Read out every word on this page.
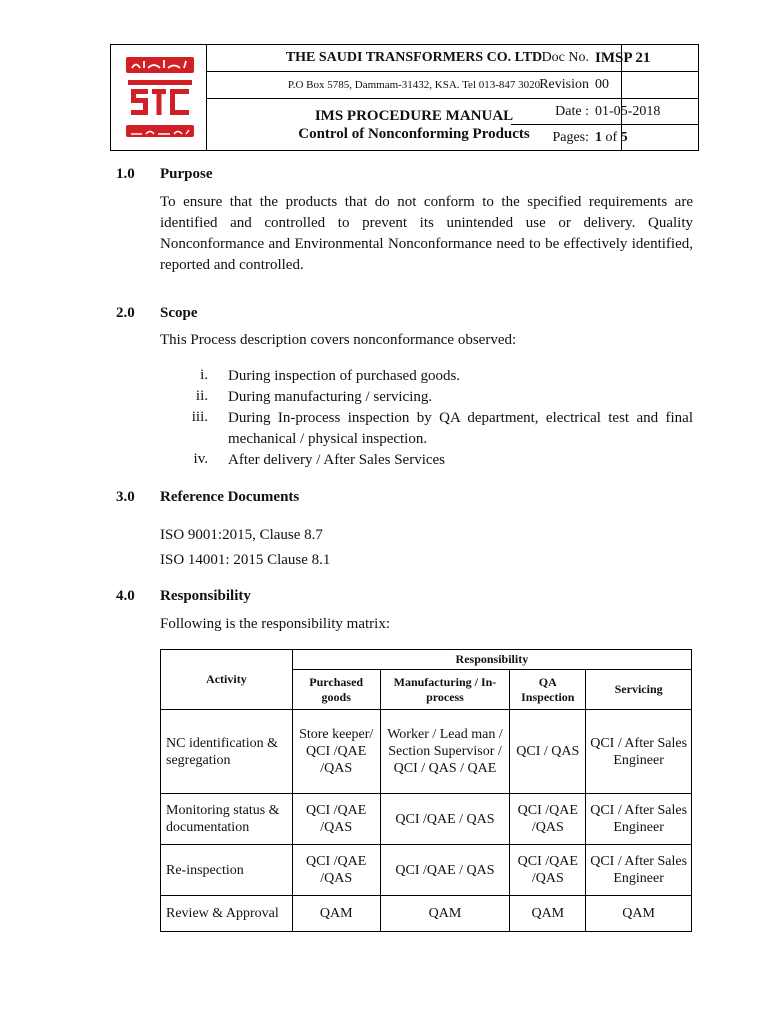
THE SAUDI TRANSFORMERS CO. LTD
P.O Box 5785, Dammam-31432, KSA. Tel 013-847 3020
IMS PROCEDURE MANUAL
Control of Nonconforming Products
Doc No. IMSP 21
Revision 00
Date : 01-05-2018
Pages: 1 of 5
1.0 Purpose
To ensure that the products that do not conform to the specified requirements are identified and controlled to prevent its unintended use or delivery. Quality Nonconformance and Environmental Nonconformance need to be effectively identified, reported and controlled.
2.0 Scope
This Process description covers nonconformance observed:
i. During inspection of purchased goods.
ii. During manufacturing / servicing.
iii. During In-process inspection by QA department, electrical test and final mechanical / physical inspection.
iv. After delivery / After Sales Services
3.0 Reference Documents
ISO 9001:2015, Clause 8.7
ISO 14001: 2015 Clause 8.1
4.0 Responsibility
Following is the responsibility matrix:
Activity	Responsibility			
	Purchased goods	Manufacturing / In-process	QA Inspection	Servicing
NC identification & segregation	Store keeper/ QCI /QAE /QAS	Worker / Lead man / Section Supervisor / QCI / QAS / QAE	QCI / QAS	QCI / After Sales Engineer
Monitoring status & documentation	QCI /QAE /QAS	QCI /QAE / QAS	QCI /QAE /QAS	QCI / After Sales Engineer
Re-inspection	QCI /QAE /QAS	QCI /QAE / QAS	QCI /QAE /QAS	QCI / After Sales Engineer
Review & Approval	QAM	QAM	QAM	QAM
